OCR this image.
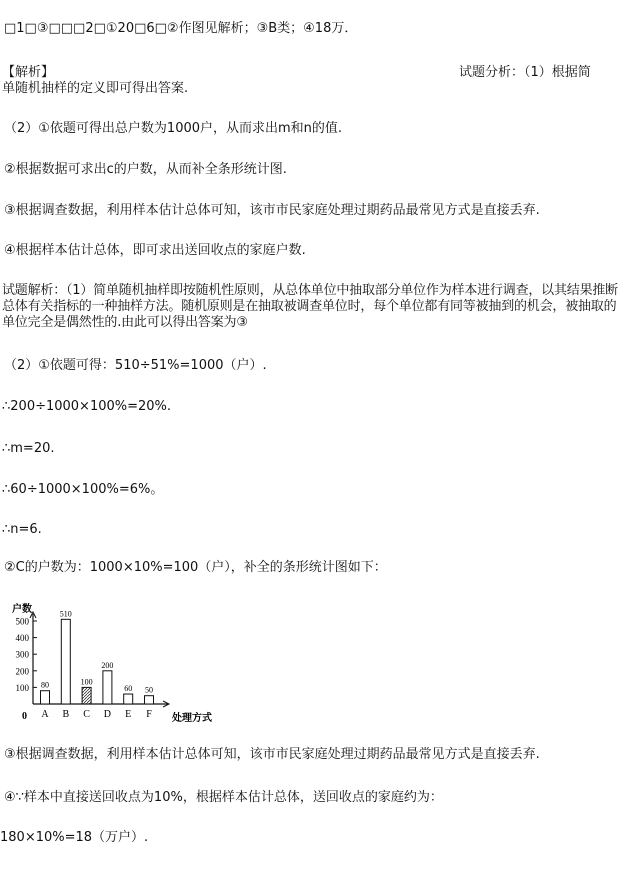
□1□③□□□2□①20□6□②作图见解析；③B类；④18万．
【解析】	试题分析：（1）根据简
单随机抽样的定义即可得出答案.
（2）①依题可得出总户数为1000户，从而求出m和n的值.
②根据数据可求出c的户数，从而补全条形统计图.
③根据调查数据，利用样本估计总体可知，该市市民家庭处理过期药品最常见方式是直接丢弃.
④根据样本估计总体，即可求出送回收点的家庭户数.
试题解析：（1）简单随机抽样即按随机性原则，从总体单位中抽取部分单位作为样本进行调查，以其结果推断总体有关指标的一种抽样方法。随机原则是在抽取被调查单位时，每个单位都有同等被抽到的机会，被抽取的单位完全是偶然性的.由此可以得出答案为③
（2）①依题可得：510÷51%=1000（户）.
∴200÷1000×100%=20%.
∴m=20.
∴60÷1000×100%=6%。
∴n=6.
②C的户数为：1000×10%=100（户），补全的条形统计图如下：
户数
处理方式
0
100
200
300
400
500
80
A
510
B
100
C
200
D
60
E
50
F
③根据调查数据，利用样本估计总体可知，该市市民家庭处理过期药品最常见方式是直接丢弃.
④∵样本中直接送回收点为10%，根据样本估计总体，送回收点的家庭约为：
180×10%=18（万户）.
